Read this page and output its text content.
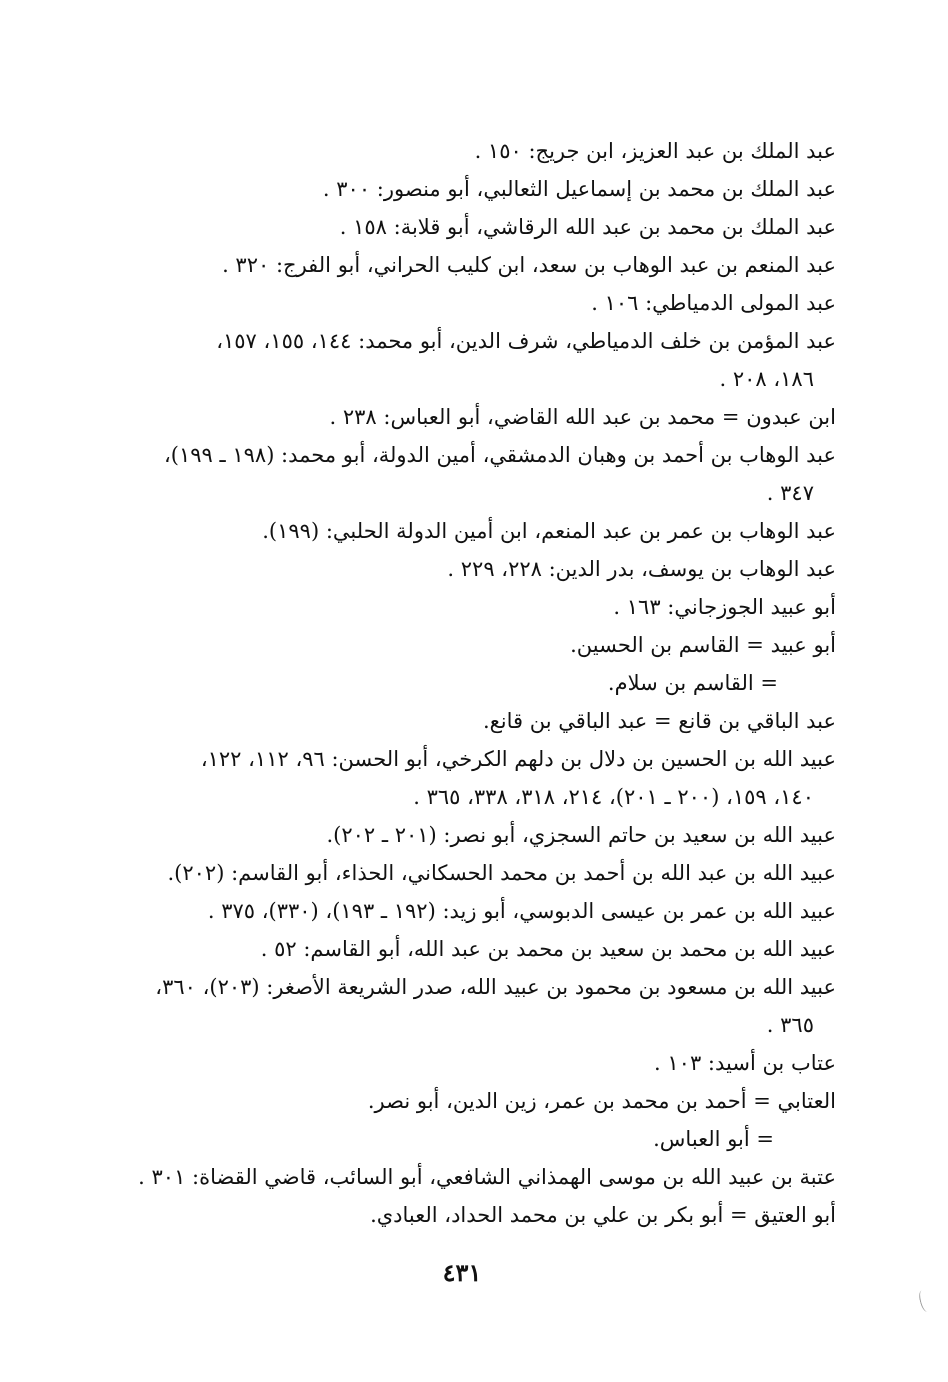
عبد الملك بن عبد العزيز، ابن جريج: ١٥٠ .
عبد الملك بن محمد بن إسماعيل الثعالبي، أبو منصور: ٣٠٠ .
عبد الملك بن محمد بن عبد الله الرقاشي، أبو قلابة: ١٥٨ .
عبد المنعم بن عبد الوهاب بن سعد، ابن كليب الحراني، أبو الفرج: ٣٢٠ .
عبد المولى الدمياطي: ١٠٦ .
عبد المؤمن بن خلف الدمياطي، شرف الدين، أبو محمد: ١٤٤، ١٥٥، ١٥٧،
١٨٦، ٢٠٨ .
ابن عبدون = محمد بن عبد الله القاضي، أبو العباس: ٢٣٨ .
عبد الوهاب بن أحمد بن وهبان الدمشقي، أمين الدولة، أبو محمد: (١٩٨ ـ ١٩٩)،
٣٤٧ .
عبد الوهاب بن عمر بن عبد المنعم، ابن أمين الدولة الحلبي: (١٩٩).
عبد الوهاب بن يوسف، بدر الدين: ٢٢٨، ٢٢٩ .
أبو عبيد الجوزجاني: ١٦٣ .
أبو عبيد = القاسم بن الحسين.
= القاسم بن سلام.
عبد الباقي بن قانع = عبد الباقي بن قانع.
عبيد الله بن الحسين بن دلال بن دلهم الكرخي، أبو الحسن: ٩٦، ١١٢، ١٢٢،
١٤٠، ١٥٩، (٢٠٠ ـ ٢٠١)، ٢١٤، ٣١٨، ٣٣٨، ٣٦٥ .
عبيد الله بن سعيد بن حاتم السجزي، أبو نصر: (٢٠١ ـ ٢٠٢).
عبيد الله بن عبد الله بن أحمد بن محمد الحسكاني، الحذاء، أبو القاسم: (٢٠٢).
عبيد الله بن عمر بن عيسى الدبوسي، أبو زيد: (١٩٢ ـ ١٩٣)، (٣٣٠)، ٣٧٥ .
عبيد الله بن محمد بن سعيد بن محمد بن عبد الله، أبو القاسم: ٥٢ .
عبيد الله بن مسعود بن محمود بن عبيد الله، صدر الشريعة الأصغر: (٢٠٣)، ٣٦٠،
٣٦٥ .
عتاب بن أسيد: ١٠٣ .
العتابي = أحمد بن محمد بن عمر، زين الدين، أبو نصر.
= أبو العباس.
عتبة بن عبيد الله بن موسى الهمذاني الشافعي، أبو السائب، قاضي القضاة: ٣٠١ .
أبو العتيق = أبو بكر بن علي بن محمد الحداد، العبادي.
٤٣١
